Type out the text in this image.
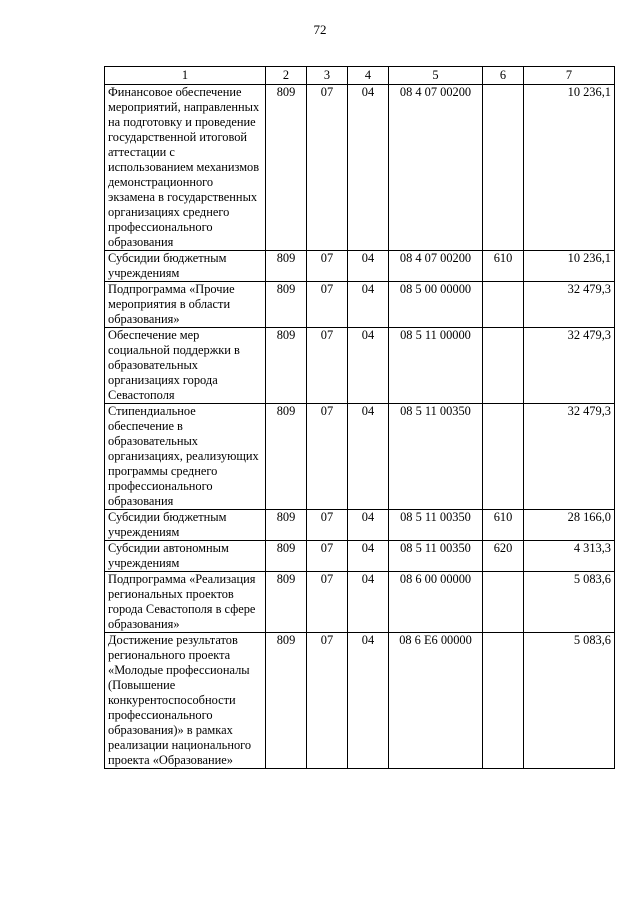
72
1	2	3	4	5	6	7
Финансовое обеспечение мероприятий, направленных на подготовку и проведение государственной итоговой аттестации с использованием механизмов демонстрационного экзамена в государственных организациях среднего профессионального образования	809	07	04	08 4 07 00200		10 236,1
Субсидии бюджетным учреждениям	809	07	04	08 4 07 00200	610	10 236,1
Подпрограмма «Прочие мероприятия в области образования»	809	07	04	08 5 00 00000		32 479,3
Обеспечение мер социальной поддержки в образовательных организациях города Севастополя	809	07	04	08 5 11 00000		32 479,3
Стипендиальное обеспечение в образовательных организациях, реализующих программы среднего профессионального образования	809	07	04	08 5 11 00350		32 479,3
Субсидии бюджетным учреждениям	809	07	04	08 5 11 00350	610	28 166,0
Субсидии автономным учреждениям	809	07	04	08 5 11 00350	620	4 313,3
Подпрограмма «Реализация региональных проектов города Севастополя в сфере образования»	809	07	04	08 6 00 00000		5 083,6
Достижение результатов регионального проекта «Молодые профессионалы (Повышение конкурентоспособности профессионального образования)» в рамках реализации национального проекта «Образование»	809	07	04	08 6 Е6 00000		5 083,6
